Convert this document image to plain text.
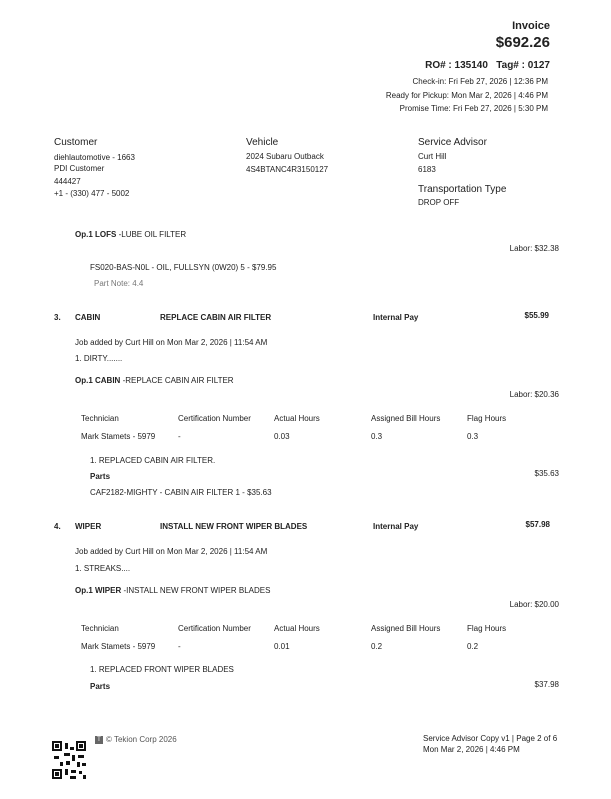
Invoice
$692.26
RO# : 135140 Tag# : 0127
Check-in: Fri Feb 27, 2026 | 12:36 PM
Ready for Pickup: Mon Mar 2, 2026 | 4:46 PM
Promise Time: Fri Feb 27, 2026 | 5:30 PM
Customer
diehlautomotive - 1663
PDI Customer
444427
+1 - (330) 477 - 5002
Vehicle
2024 Subaru Outback
4S4BTANC4R3150127
Service Advisor
Curt Hill
6183
Transportation Type
DROP OFF
Op.1 LOFS -LUBE OIL FILTER
Labor: $32.38
FS020-BAS-N0L - OIL, FULLSYN (0W20) 5 - $79.95
Part Note: 4.4
3. CABIN	REPLACE CABIN AIR FILTER	Internal Pay	$55.99
Job added by Curt Hill on Mon Mar 2, 2026 | 11:54 AM
1. DIRTY.......
Op.1 CABIN -REPLACE CABIN AIR FILTER
Labor: $20.36
Technician	Certification Number	Actual Hours	Assigned Bill Hours	Flag Hours
Mark Stamets - 5979	-	0.03	0.3	0.3
1. REPLACED CABIN AIR FILTER.
Parts	$35.63
CAF2182-MIGHTY - CABIN AIR FILTER 1 - $35.63
4. WIPER	INSTALL NEW FRONT WIPER BLADES	Internal Pay	$57.98
Job added by Curt Hill on Mon Mar 2, 2026 | 11:54 AM
1. STREAKS....
Op.1 WIPER -INSTALL NEW FRONT WIPER BLADES
Labor: $20.00
Technician	Certification Number	Actual Hours	Assigned Bill Hours	Flag Hours
Mark Stamets - 5979	-	0.01	0.2	0.2
1. REPLACED FRONT WIPER BLADES
Parts	$37.98
T © Tekion Corp 2026	Service Advisor Copy v1 | Page 2 of 6
Mon Mar 2, 2026 | 4:46 PM
